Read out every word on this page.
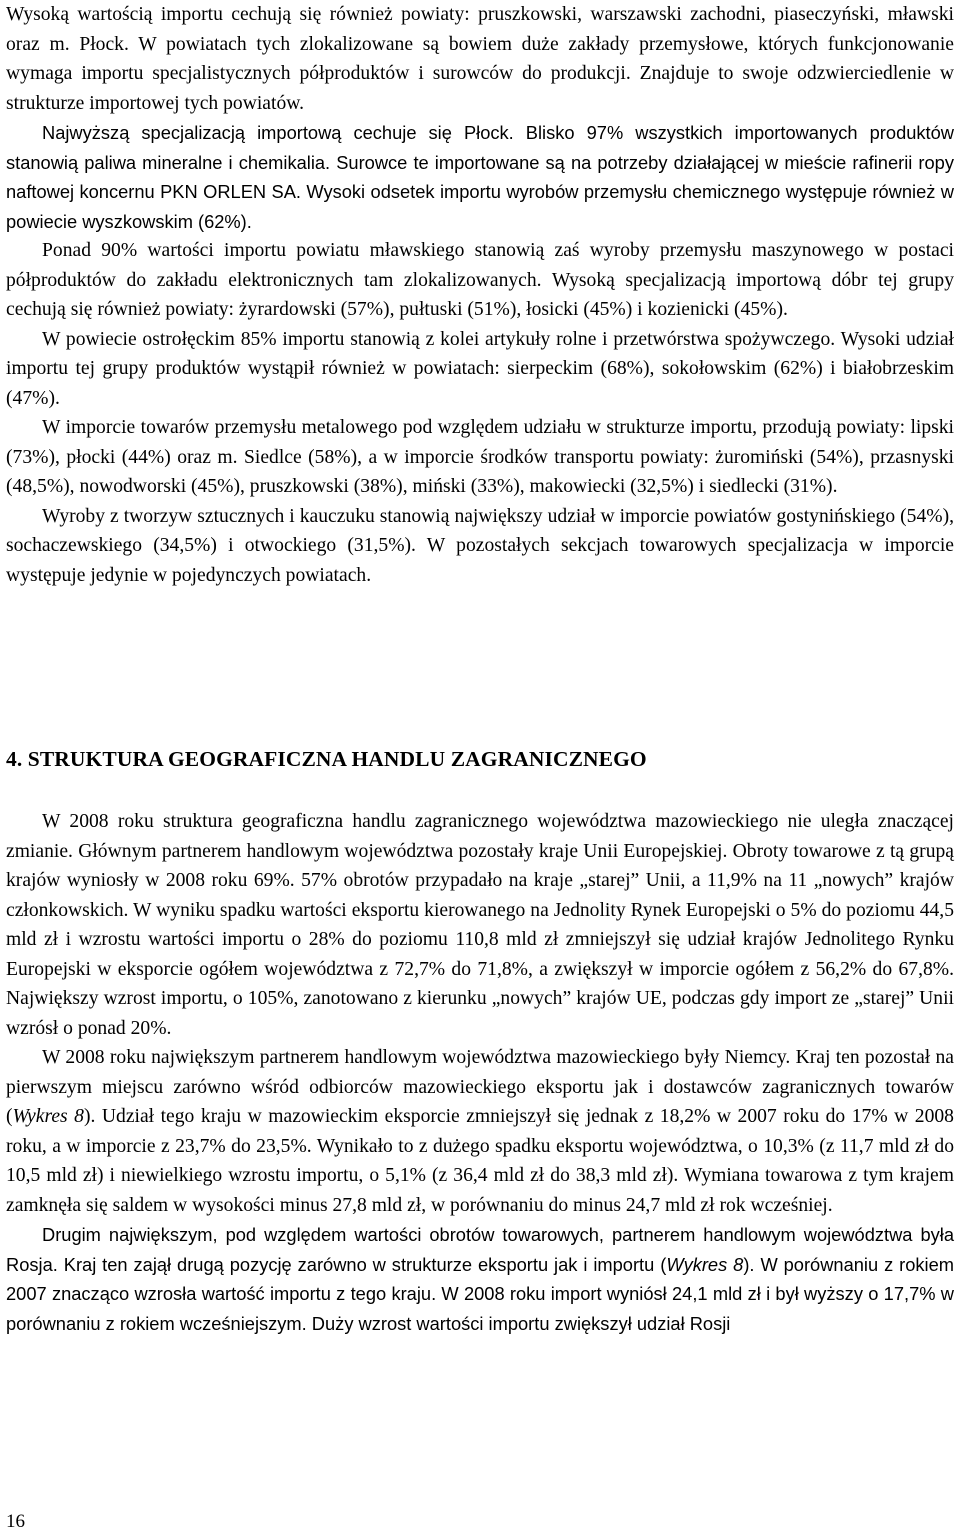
Wysoką wartością importu cechują się również powiaty: pruszkowski, warszawski zachodni, piaseczyński, mławski oraz m. Płock. W powiatach tych zlokalizowane są bowiem duże zakłady przemysłowe, których funkcjonowanie wymaga importu specjalistycznych półproduktów i surowców do produkcji. Znajduje to swoje odzwierciedlenie w strukturze importowej tych powiatów.

Najwyższą specjalizacją importową cechuje się Płock. Blisko 97% wszystkich importowanych produktów stanowią paliwa mineralne i chemikalia. Surowce te importowane są na potrzeby działającej w mieście rafinerii ropy naftowej koncernu PKN ORLEN SA. Wysoki odsetek importu wyrobów przemysłu chemicznego występuje również w powiecie wyszkowskim (62%).

Ponad 90% wartości importu powiatu mławskiego stanowią zaś wyroby przemysłu maszynowego w postaci półproduktów do zakładu elektronicznych tam zlokalizowanych. Wysoką specjalizacją importową dóbr tej grupy cechują się również powiaty: żyrardowski (57%), pułtuski (51%), łosicki (45%) i kozienicki (45%).

W powiecie ostrołęckim 85% importu stanowią z kolei artykuły rolne i przetwórstwa spożywczego. Wysoki udział importu tej grupy produktów wystąpił również w powiatach: sierpeckim (68%), sokołowskim (62%) i białobrzeskim (47%).

W imporcie towarów przemysłu metalowego pod względem udziału w strukturze importu, przodują powiaty: lipski (73%), płocki (44%) oraz m. Siedlce (58%), a w imporcie środków transportu powiaty: żuromiński (54%), przasnyski (48,5%), nowodworski (45%), pruszkowski (38%), miński (33%), makowiecki (32,5%) i siedlecki (31%).

Wyroby z tworzyw sztucznych i kauczuku stanowią największy udział w imporcie powiatów gostynińskiego (54%), sochaczewskiego (34,5%) i otwockiego (31,5%). W pozostałych sekcjach towarowych specjalizacja w imporcie występuje jedynie w pojedynczych powiatach.

4. STRUKTURA GEOGRAFICZNA HANDLU ZAGRANICZNEGO

W 2008 roku struktura geograficzna handlu zagranicznego województwa mazowieckiego nie uległa znaczącej zmianie. Głównym partnerem handlowym województwa pozostały kraje Unii Europejskiej. Obroty towarowe z tą grupą krajów wyniosły w 2008 roku 69%. 57% obrotów przypadało na kraje „starej” Unii, a 11,9% na 11 „nowych” krajów członkowskich. W wyniku spadku wartości eksportu kierowanego na Jednolity Rynek Europejski o 5% do poziomu 44,5 mld zł i wzrostu wartości importu o 28% do poziomu 110,8 mld zł zmniejszył się udział krajów Jednolitego Rynku Europejski w eksporcie ogółem województwa z 72,7% do 71,8%, a zwiększył w imporcie ogółem z 56,2% do 67,8%. Największy wzrost importu, o 105%, zanotowano z kierunku „nowych” krajów UE, podczas gdy import ze „starej” Unii wzrósł o ponad 20%.

W 2008 roku największym partnerem handlowym województwa mazowieckiego były Niemcy. Kraj ten pozostał na pierwszym miejscu zarówno wśród odbiorców mazowieckiego eksportu jak i dostawców zagranicznych towarów (Wykres 8). Udział tego kraju w mazowieckim eksporcie zmniejszył się jednak z 18,2% w 2007 roku do 17% w 2008 roku, a w imporcie z 23,7% do 23,5%. Wynikało to z dużego spadku eksportu województwa, o 10,3% (z 11,7 mld zł do 10,5 mld zł) i niewielkiego wzrostu importu, o 5,1% (z 36,4 mld zł do 38,3 mld zł). Wymiana towarowa z tym krajem zamknęła się saldem w wysokości minus 27,8 mld zł, w porównaniu do minus 24,7 mld zł rok wcześniej.

Drugim największym, pod względem wartości obrotów towarowych, partnerem handlowym województwa była Rosja. Kraj ten zajął drugą pozycję zarówno w strukturze eksportu jak i importu (Wykres 8). W porównaniu z rokiem 2007 znacząco wzrosła wartość importu z tego kraju. W 2008 roku import wyniósł 24,1 mld zł i był wyższy o 17,7% w porównaniu z rokiem wcześniejszym. Duży wzrost wartości importu zwiększył udział Rosji

16
